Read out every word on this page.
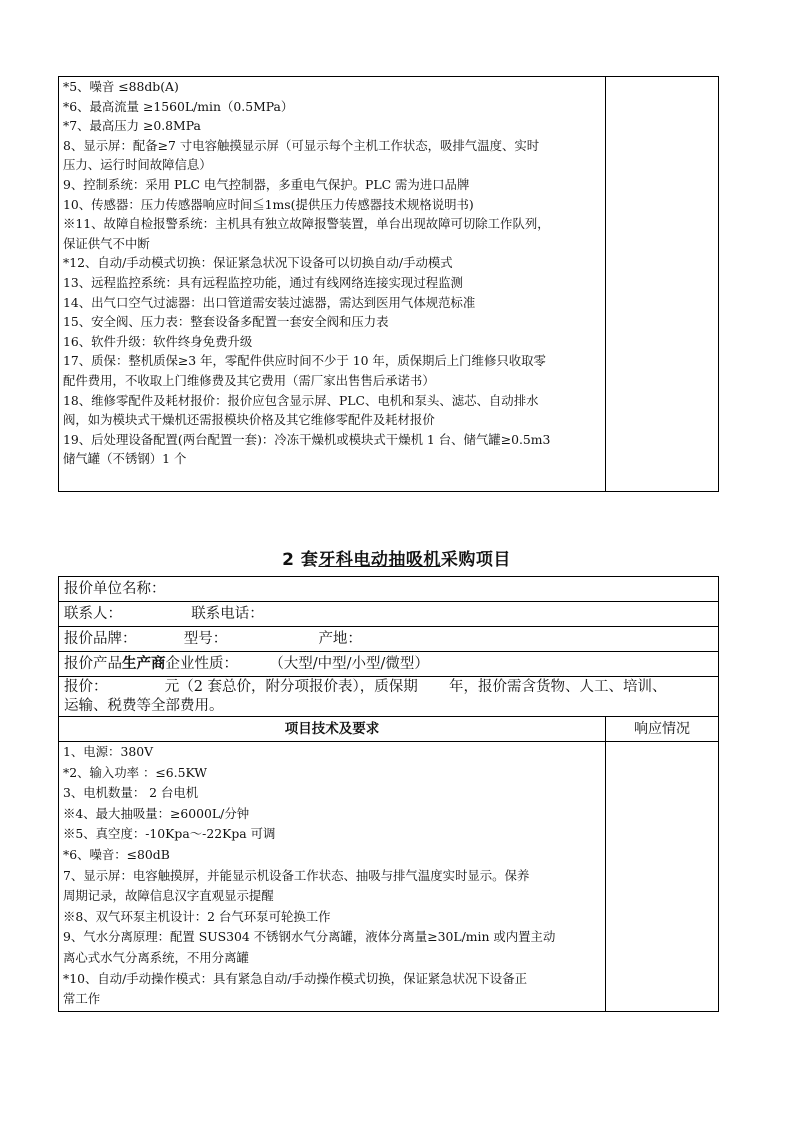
*5、噪音 ≤88db(A)
*6、最高流量 ≥1560L/min（0.5MPa）
*7、最高压力 ≥0.8MPa
8、显示屏：配备≥7 寸电容触摸显示屏（可显示每个主机工作状态，吸排气温度、实时
压力、运行时间故障信息）
9、控制系统：采用 PLC 电气控制器，多重电气保护。PLC 需为进口品牌
10、传感器：压力传感器响应时间≦1ms(提供压力传感器技术规格说明书)
※11、故障自检报警系统：主机具有独立故障报警装置，单台出现故障可切除工作队列，
保证供气不中断
*12、自动/手动模式切换：保证紧急状况下设备可以切换自动/手动模式
13、远程监控系统：具有远程监控功能，通过有线网络连接实现过程监测
14、出气口空气过滤器：出口管道需安装过滤器，需达到医用气体规范标准
15、安全阀、压力表：整套设备多配置一套安全阀和压力表
16、软件升级：软件终身免费升级
17、质保：整机质保≥3 年，零配件供应时间不少于 10 年，质保期后上门维修只收取零
配件费用，不收取上门维修费及其它费用（需厂家出售售后承诺书）
18、维修零配件及耗材报价：报价应包含显示屏、PLC、电机和泵头、滤芯、自动排水
阀，如为模块式干燥机还需报模块价格及其它维修零配件及耗材报价
19、后处理设备配置(两台配置一套)：冷冻干燥机或模块式干燥机 1 台、储气罐≥0.5m3
储气罐（不锈钢）1 个
2 套牙科电动抽吸机采购项目
报价单位名称：
联系人：	联系电话：
报价品牌：	型号：	产地：
报价产品生产商企业性质： （大型/中型/小型/微型）
报价：	元（2 套总价，附分项报价表），质保期 年，报价需含货物、人工、培训、
运输、税费等全部费用。
项目技术及要求	响应情况
1、电源：380V
*2、输入功率 ：≤6.5KW
3、电机数量： 2 台电机
※4、最大抽吸量：≥6000L/分钟
※5、真空度：-10Kpa～-22Kpa 可调
*6、噪音：≤80dB
7、显示屏：电容触摸屏，并能显示机设备工作状态、抽吸与排气温度实时显示。保养
周期记录，故障信息汉字直观显示提醒
※8、双气环泵主机设计：2 台气环泵可轮换工作
9、气水分离原理：配置 SUS304 不锈钢水气分离罐，液体分离量≥30L/min 或内置主动
离心式水气分离系统，不用分离罐
*10、自动/手动操作模式：具有紧急自动/手动操作模式切换，保证紧急状况下设备正
常工作
